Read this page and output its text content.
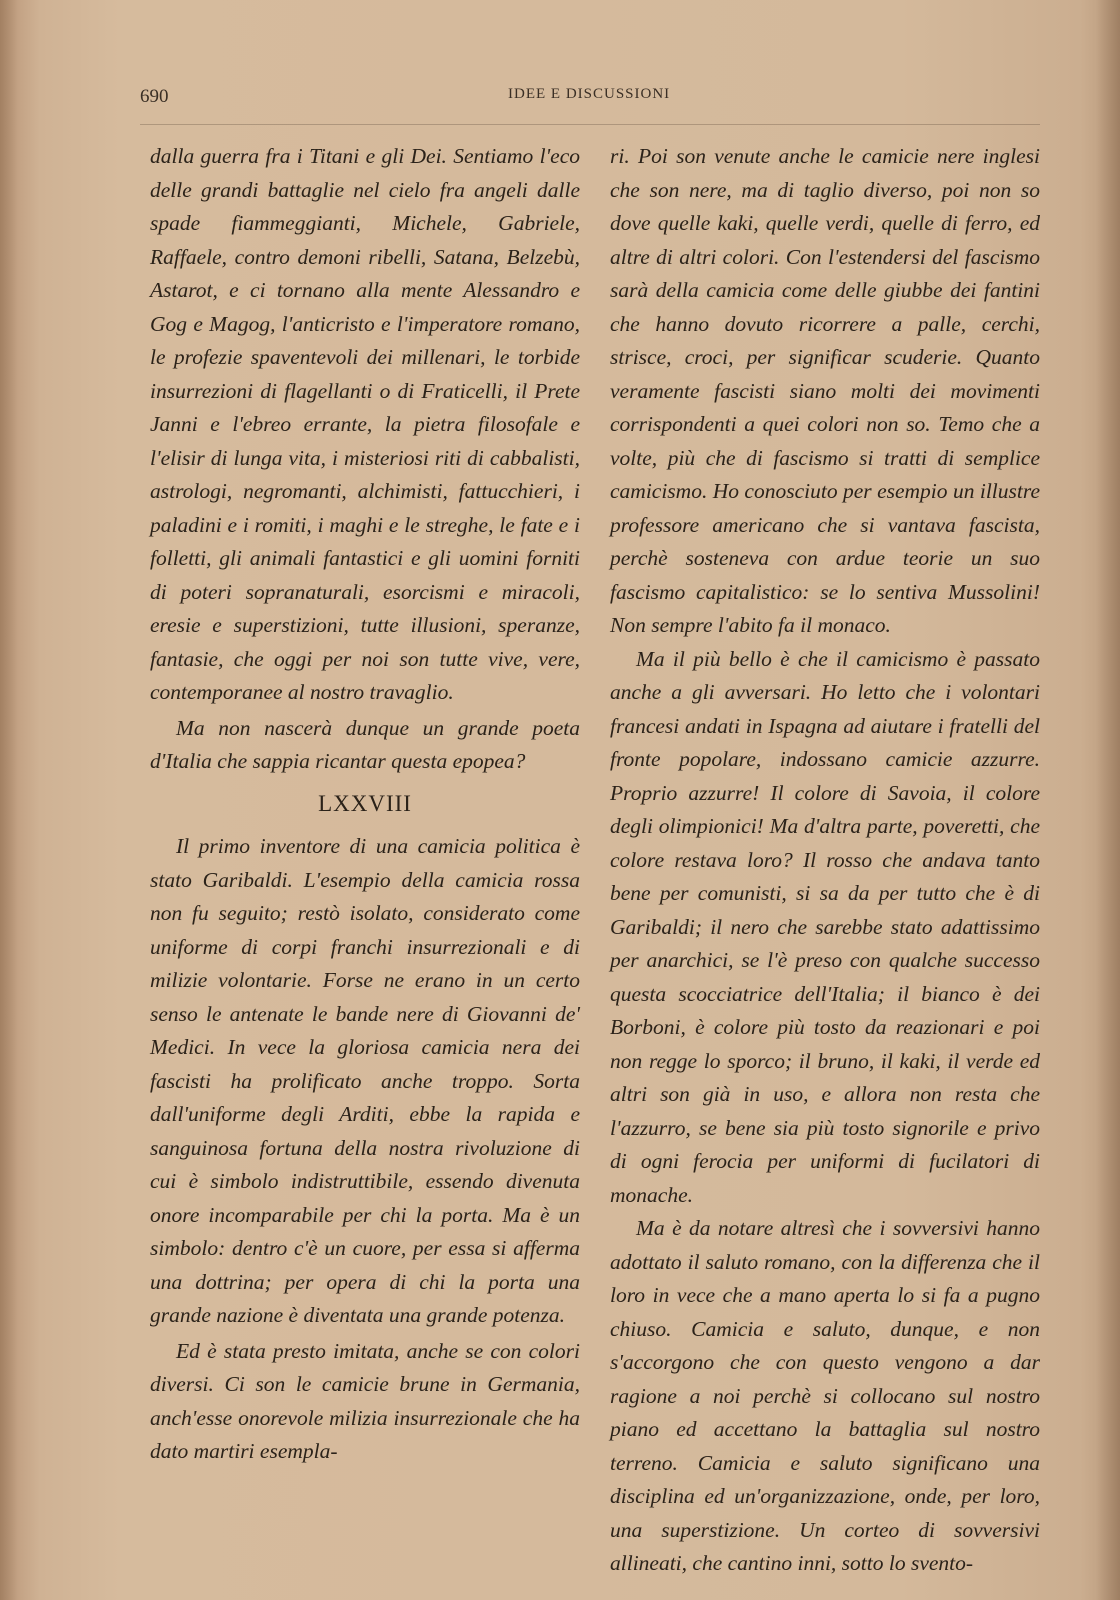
690	IDEE E DISCUSSIONI

dalla guerra fra i Titani e gli Dei. Sentiamo l'eco delle grandi battaglie nel cielo fra angeli dalle spade fiammeggianti, Michele, Gabriele, Raffaele, contro demoni ribelli, Satana, Belzebù, Astarot, e ci tornano alla mente Alessandro e Gog e Magog, l'anticristo e l'imperatore romano, le profezie spaventevoli dei millenari, le torbide insurrezioni di flagellanti o di Fraticelli, il Prete Janni e l'ebreo errante, la pietra filosofale e l'elisir di lunga vita, i misteriosi riti di cabbalisti, astrologi, negromanti, alchimisti, fattucchieri, i paladini e i romiti, i maghi e le streghe, le fate e i folletti, gli animali fantastici e gli uomini forniti di poteri sopranaturali, esorcismi e miracoli, eresie e superstizioni, tutte illusioni, speranze, fantasie, che oggi per noi son tutte vive, vere, contemporanee al nostro travaglio.

Ma non nascerà dunque un grande poeta d'Italia che sappia ricantar questa epopea?

LXXVIII

Il primo inventore di una camicia politica è stato Garibaldi. L'esempio della camicia rossa non fu seguito; restò isolato, considerato come uniforme di corpi franchi insurrezionali e di milizie volontarie. Forse ne erano in un certo senso le antenate le bande nere di Giovanni de' Medici. In vece la gloriosa camicia nera dei fascisti ha prolificato anche troppo. Sorta dall'uniforme degli Arditi, ebbe la rapida e sanguinosa fortuna della nostra rivoluzione di cui è simbolo indistruttibile, essendo divenuta onore incomparabile per chi la porta. Ma è un simbolo: dentro c'è un cuore, per essa si afferma una dottrina; per opera di chi la porta una grande nazione è diventata una grande potenza.

Ed è stata presto imitata, anche se con colori diversi. Ci son le camicie brune in Germania, anch'esse onorevole milizia insurrezionale che ha dato martiri esempla-

ri. Poi son venute anche le camicie nere inglesi che son nere, ma di taglio diverso, poi non so dove quelle kaki, quelle verdi, quelle di ferro, ed altre di altri colori. Con l'estendersi del fascismo sarà della camicia come delle giubbe dei fantini che hanno dovuto ricorrere a palle, cerchi, strisce, croci, per significar scuderie. Quanto veramente fascisti siano molti dei movimenti corrispondenti a quei colori non so. Temo che a volte, più che di fascismo si tratti di semplice camicismo. Ho conosciuto per esempio un illustre professore americano che si vantava fascista, perchè sosteneva con ardue teorie un suo fascismo capitalistico: se lo sentiva Mussolini! Non sempre l'abito fa il monaco.

Ma il più bello è che il camicismo è passato anche a gli avversari. Ho letto che i volontari francesi andati in Ispagna ad aiutare i fratelli del fronte popolare, indossano camicie azzurre. Proprio azzurre! Il colore di Savoia, il colore degli olimpionici! Ma d'altra parte, poveretti, che colore restava loro? Il rosso che andava tanto bene per comunisti, si sa da per tutto che è di Garibaldi; il nero che sarebbe stato adattissimo per anarchici, se l'è preso con qualche successo questa scocciatrice dell'Italia; il bianco è dei Borboni, è colore più tosto da reazionari e poi non regge lo sporco; il bruno, il kaki, il verde ed altri son già in uso, e allora non resta che l'azzurro, se bene sia più tosto signorile e privo di ogni ferocia per uniformi di fucilatori di monache.

Ma è da notare altresì che i sovversivi hanno adottato il saluto romano, con la differenza che il loro in vece che a mano aperta lo si fa a pugno chiuso. Camicia e saluto, dunque, e non s'accorgono che con questo vengono a dar ragione a noi perchè si collocano sul nostro piano ed accettano la battaglia sul nostro terreno. Camicia e saluto significano una disciplina ed un'organizzazione, onde, per loro, una superstizione. Un corteo di sovversivi allineati, che cantino inni, sotto lo svento-
